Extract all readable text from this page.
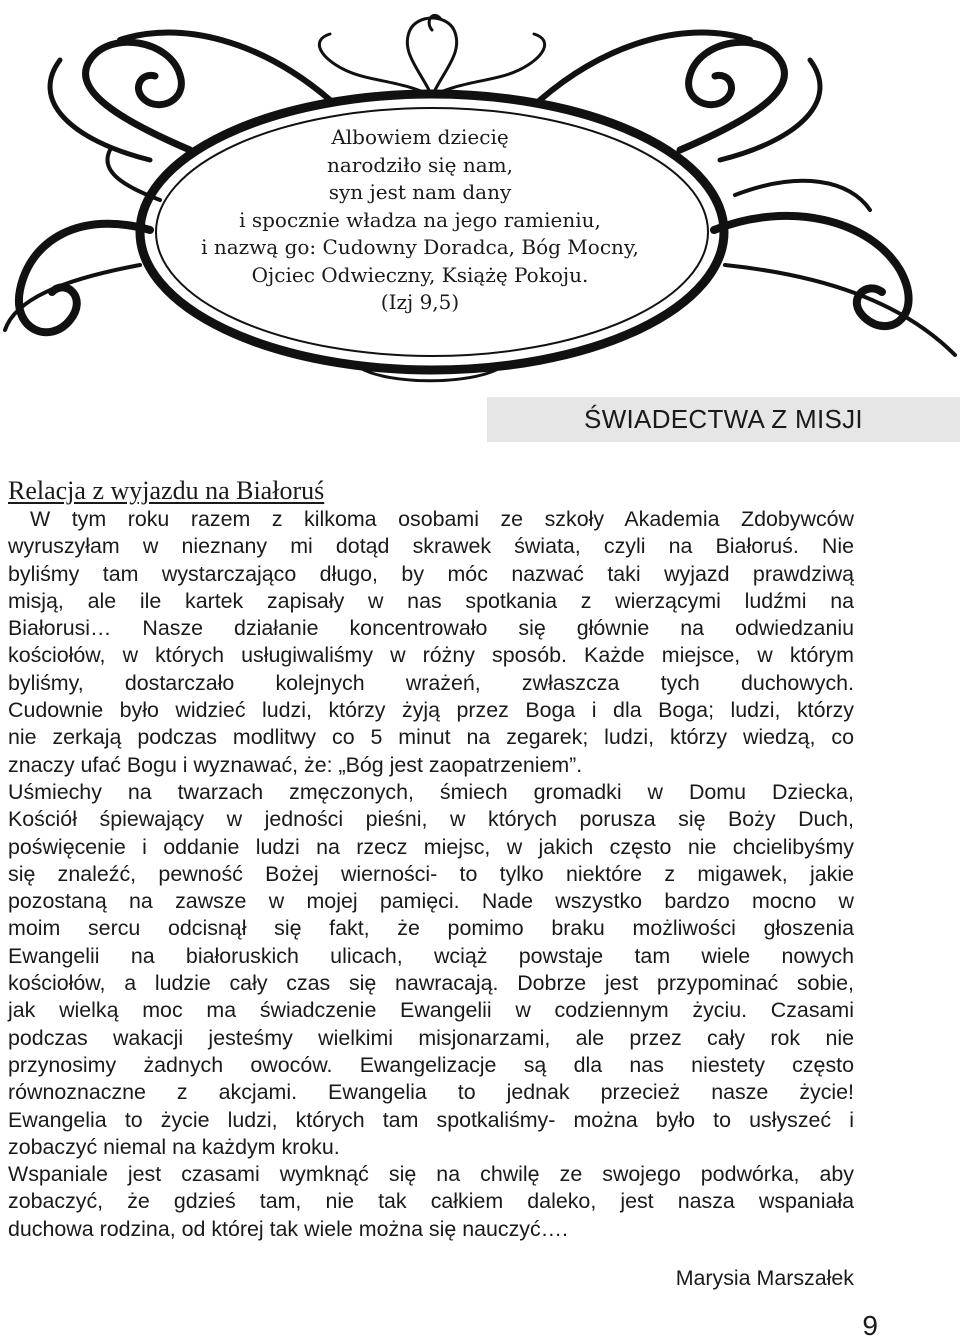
Albowiem dziecię
narodziło się nam,
syn jest nam dany
i spocznie władza na jego ramieniu,
i nazwą go: Cudowny Doradca, Bóg Mocny,
Ojciec Odwieczny, Książę Pokoju.
(Izj 9,5)
ŚWIADECTWA Z MISJI
Relacja z wyjazdu na Białoruś
W tym roku razem z kilkoma osobami ze szkoły Akademia Zdobywców
wyruszyłam w nieznany mi dotąd skrawek świata, czyli na Białoruś. Nie
byliśmy tam wystarczająco długo, by móc nazwać taki wyjazd prawdziwą
misją, ale ile kartek zapisały w nas spotkania z wierzącymi ludźmi na
Białorusi… Nasze działanie koncentrowało się głównie na odwiedzaniu
kościołów, w których usługiwaliśmy w różny sposób. Każde miejsce, w którym
byliśmy, dostarczało kolejnych wrażeń, zwłaszcza tych duchowych.
Cudownie było widzieć ludzi, którzy żyją przez Boga i dla Boga; ludzi, którzy
nie zerkają podczas modlitwy co 5 minut na zegarek; ludzi, którzy wiedzą, co
znaczy ufać Bogu i wyznawać, że: „Bóg jest zaopatrzeniem”.
Uśmiechy na twarzach zmęczonych, śmiech gromadki w Domu Dziecka,
Kościół śpiewający w jedności pieśni, w których porusza się Boży Duch,
poświęcenie i oddanie ludzi na rzecz miejsc, w jakich często nie chcielibyśmy
się znaleźć, pewność Bożej wierności- to tylko niektóre z migawek, jakie
pozostaną na zawsze w mojej pamięci. Nade wszystko bardzo mocno w
moim sercu odcisnął się fakt, że pomimo braku możliwości głoszenia
Ewangelii na białoruskich ulicach, wciąż powstaje tam wiele nowych
kościołów, a ludzie cały czas się nawracają. Dobrze jest przypominać sobie,
jak wielką moc ma świadczenie Ewangelii w codziennym życiu. Czasami
podczas wakacji jesteśmy wielkimi misjonarzami, ale przez cały rok nie
przynosimy żadnych owoców. Ewangelizacje są dla nas niestety często
równoznaczne z akcjami. Ewangelia to jednak przecież nasze życie!
Ewangelia to życie ludzi, których tam spotkaliśmy- można było to usłyszeć i
zobaczyć niemal na każdym kroku.
Wspaniale jest czasami wymknąć się na chwilę ze swojego podwórka, aby
zobaczyć, że gdzieś tam, nie tak całkiem daleko, jest nasza wspaniała
duchowa rodzina, od której tak wiele można się nauczyć….
Marysia Marszałek
9
